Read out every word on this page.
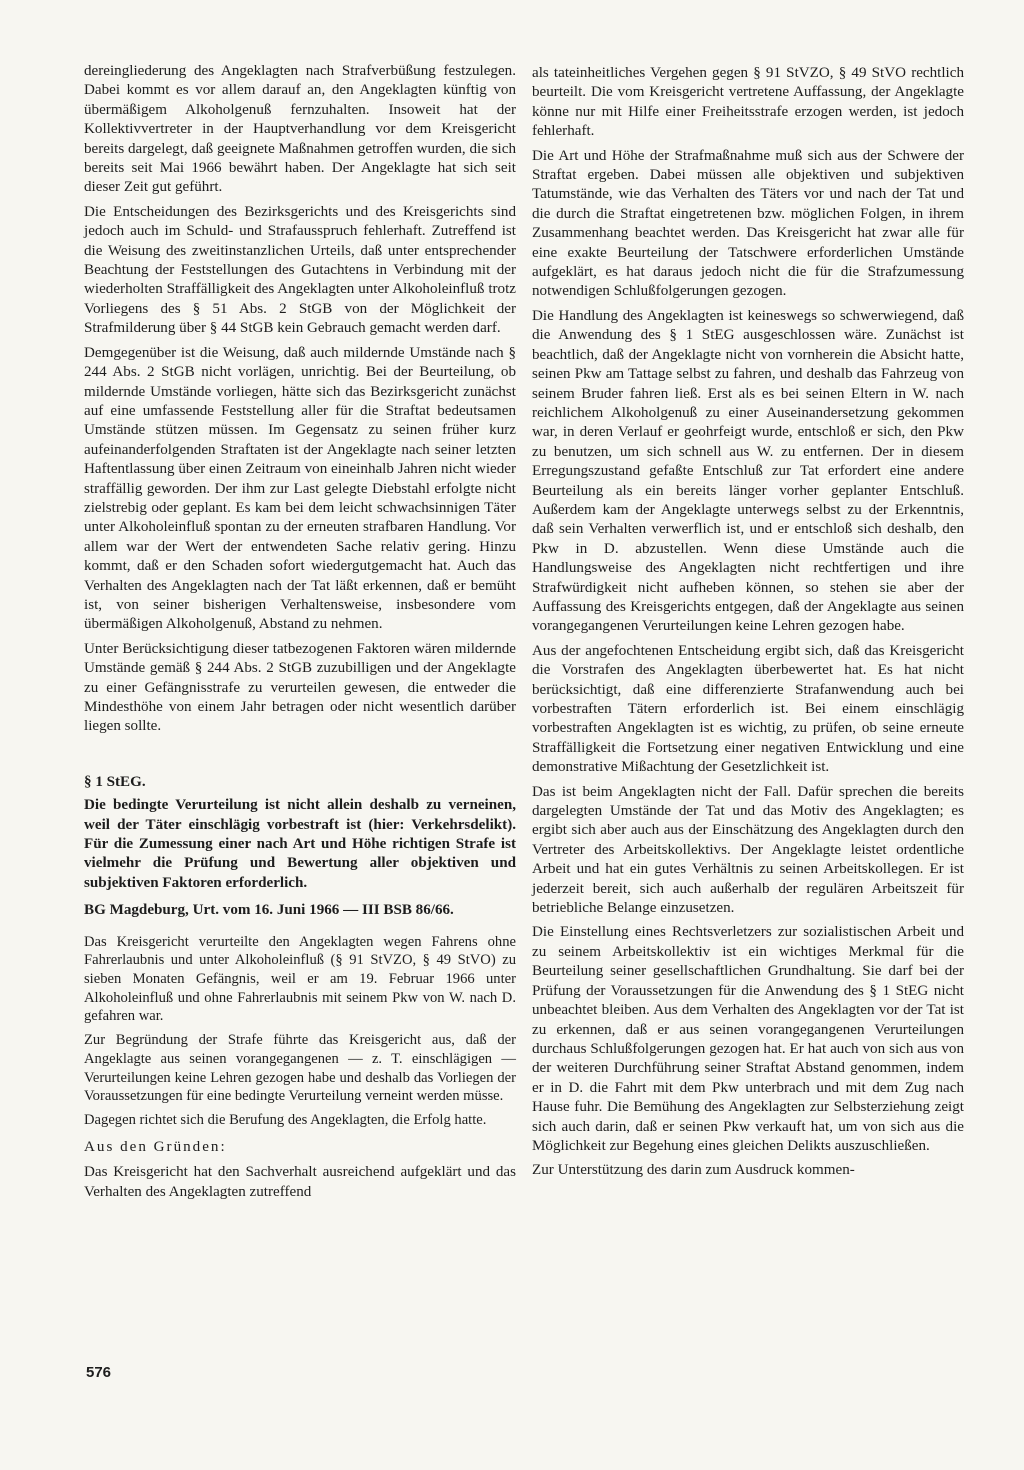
dereingliederung des Angeklagten nach Strafverbüßung festzulegen. Dabei kommt es vor allem darauf an, den Angeklagten künftig von übermäßigem Alkoholgenuß fernzuhalten. Insoweit hat der Kollektivvertreter in der Hauptverhandlung vor dem Kreisgericht bereits dargelegt, daß geeignete Maßnahmen getroffen wurden, die sich bereits seit Mai 1966 bewährt haben. Der Angeklagte hat sich seit dieser Zeit gut geführt.

Die Entscheidungen des Bezirksgerichts und des Kreisgerichts sind jedoch auch im Schuld- und Strafausspruch fehlerhaft. Zutreffend ist die Weisung des zweitinstanzlichen Urteils, daß unter entsprechender Beachtung der Feststellungen des Gutachtens in Verbindung mit der wiederholten Straffälligkeit des Angeklagten unter Alkoholeinfluß trotz Vorliegens des § 51 Abs. 2 StGB von der Möglichkeit der Strafmilderung über § 44 StGB kein Gebrauch gemacht werden darf.

Demgegenüber ist die Weisung, daß auch mildernde Umstände nach § 244 Abs. 2 StGB nicht vorlägen, unrichtig. Bei der Beurteilung, ob mildernde Umstände vorliegen, hätte sich das Bezirksgericht zunächst auf eine umfassende Feststellung aller für die Straftat bedeutsamen Umstände stützen müssen. Im Gegensatz zu seinen früher kurz aufeinanderfolgenden Straftaten ist der Angeklagte nach seiner letzten Haftentlassung über einen Zeitraum von eineinhalb Jahren nicht wieder straffällig geworden. Der ihm zur Last gelegte Diebstahl erfolgte nicht zielstrebig oder geplant. Es kam bei dem leicht schwachsinnigen Täter unter Alkoholeinfluß spontan zu der erneuten strafbaren Handlung. Vor allem war der Wert der entwendeten Sache relativ gering. Hinzu kommt, daß er den Schaden sofort wiedergutgemacht hat. Auch das Verhalten des Angeklagten nach der Tat läßt erkennen, daß er bemüht ist, von seiner bisherigen Verhaltensweise, insbesondere vom übermäßigen Alkoholgenuß, Abstand zu nehmen.

Unter Berücksichtigung dieser tatbezogenen Faktoren wären mildernde Umstände gemäß § 244 Abs. 2 StGB zuzubilligen und der Angeklagte zu einer Gefängnisstrafe zu verurteilen gewesen, die entweder die Mindesthöhe von einem Jahr betragen oder nicht wesentlich darüber liegen sollte.

§ 1 StEG.

Die bedingte Verurteilung ist nicht allein deshalb zu verneinen, weil der Täter einschlägig vorbestraft ist (hier: Verkehrsdelikt). Für die Zumessung einer nach Art und Höhe richtigen Strafe ist vielmehr die Prüfung und Bewertung aller objektiven und subjektiven Faktoren erforderlich.

BG Magdeburg, Urt. vom 16. Juni 1966 — III BSB 86/66.

Das Kreisgericht verurteilte den Angeklagten wegen Fahrens ohne Fahrerlaubnis und unter Alkoholeinfluß (§ 91 StVZO, § 49 StVO) zu sieben Monaten Gefängnis, weil er am 19. Februar 1966 unter Alkoholeinfluß und ohne Fahrerlaubnis mit seinem Pkw von W. nach D. gefahren war.

Zur Begründung der Strafe führte das Kreisgericht aus, daß der Angeklagte aus seinen vorangegangenen — z. T. einschlägigen — Verurteilungen keine Lehren gezogen habe und deshalb das Vorliegen der Voraussetzungen für eine bedingte Verurteilung verneint werden müsse.

Dagegen richtet sich die Berufung des Angeklagten, die Erfolg hatte.

Aus den Gründen:

Das Kreisgericht hat den Sachverhalt ausreichend aufgeklärt und das Verhalten des Angeklagten zutreffend

als tateinheitliches Vergehen gegen § 91 StVZO, § 49 StVO rechtlich beurteilt. Die vom Kreisgericht vertretene Auffassung, der Angeklagte könne nur mit Hilfe einer Freiheitsstrafe erzogen werden, ist jedoch fehlerhaft.

Die Art und Höhe der Strafmaßnahme muß sich aus der Schwere der Straftat ergeben. Dabei müssen alle objektiven und subjektiven Tatumstände, wie das Verhalten des Täters vor und nach der Tat und die durch die Straftat eingetretenen bzw. möglichen Folgen, in ihrem Zusammenhang beachtet werden. Das Kreisgericht hat zwar alle für eine exakte Beurteilung der Tatschwere erforderlichen Umstände aufgeklärt, es hat daraus jedoch nicht die für die Strafzumessung notwendigen Schlußfolgerungen gezogen.

Die Handlung des Angeklagten ist keineswegs so schwerwiegend, daß die Anwendung des § 1 StEG ausgeschlossen wäre. Zunächst ist beachtlich, daß der Angeklagte nicht von vornherein die Absicht hatte, seinen Pkw am Tattage selbst zu fahren, und deshalb das Fahrzeug von seinem Bruder fahren ließ. Erst als es bei seinen Eltern in W. nach reichlichem Alkoholgenuß zu einer Auseinandersetzung gekommen war, in deren Verlauf er geohrfeigt wurde, entschloß er sich, den Pkw zu benutzen, um sich schnell aus W. zu entfernen. Der in diesem Erregungszustand gefaßte Entschluß zur Tat erfordert eine andere Beurteilung als ein bereits länger vorher geplanter Entschluß. Außerdem kam der Angeklagte unterwegs selbst zu der Erkenntnis, daß sein Verhalten verwerflich ist, und er entschloß sich deshalb, den Pkw in D. abzustellen. Wenn diese Umstände auch die Handlungsweise des Angeklagten nicht rechtfertigen und ihre Strafwürdigkeit nicht aufheben können, so stehen sie aber der Auffassung des Kreisgerichts entgegen, daß der Angeklagte aus seinen vorangegangenen Verurteilungen keine Lehren gezogen habe.

Aus der angefochtenen Entscheidung ergibt sich, daß das Kreisgericht die Vorstrafen des Angeklagten überbewertet hat. Es hat nicht berücksichtigt, daß eine differenzierte Strafanwendung auch bei vorbestraften Tätern erforderlich ist. Bei einem einschlägig vorbestraften Angeklagten ist es wichtig, zu prüfen, ob seine erneute Straffälligkeit die Fortsetzung einer negativen Entwicklung und eine demonstrative Mißachtung der Gesetzlichkeit ist.

Das ist beim Angeklagten nicht der Fall. Dafür sprechen die bereits dargelegten Umstände der Tat und das Motiv des Angeklagten; es ergibt sich aber auch aus der Einschätzung des Angeklagten durch den Vertreter des Arbeitskollektivs. Der Angeklagte leistet ordentliche Arbeit und hat ein gutes Verhältnis zu seinen Arbeitskollegen. Er ist jederzeit bereit, sich auch außerhalb der regulären Arbeitszeit für betriebliche Belange einzusetzen.

Die Einstellung eines Rechtsverletzers zur sozialistischen Arbeit und zu seinem Arbeitskollektiv ist ein wichtiges Merkmal für die Beurteilung seiner gesellschaftlichen Grundhaltung. Sie darf bei der Prüfung der Voraussetzungen für die Anwendung des § 1 StEG nicht unbeachtet bleiben. Aus dem Verhalten des Angeklagten vor der Tat ist zu erkennen, daß er aus seinen vorangegangenen Verurteilungen durchaus Schlußfolgerungen gezogen hat. Er hat auch von sich aus von der weiteren Durchführung seiner Straftat Abstand genommen, indem er in D. die Fahrt mit dem Pkw unterbrach und mit dem Zug nach Hause fuhr. Die Bemühung des Angeklagten zur Selbsterziehung zeigt sich auch darin, daß er seinen Pkw verkauft hat, um von sich aus die Möglichkeit zur Begehung eines gleichen Delikts auszuschließen.

Zur Unterstützung des darin zum Ausdruck kommen-

576
